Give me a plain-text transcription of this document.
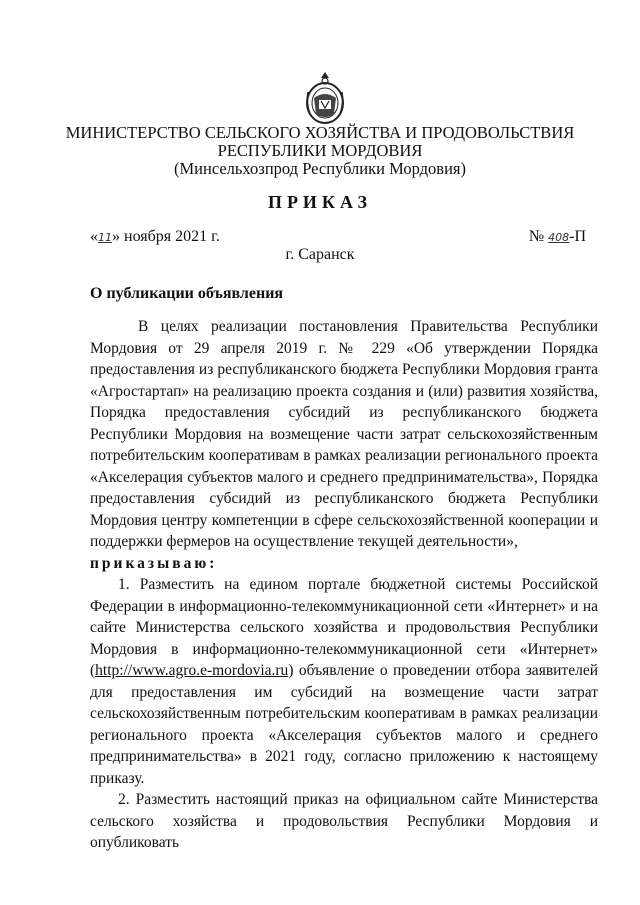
МИНИСТЕРСТВО СЕЛЬСКОГО ХОЗЯЙСТВА И ПРОДОВОЛЬСТВИЯ
РЕСПУБЛИКИ МОРДОВИЯ
(Минсельхозпрод Республики Мордовия)
ПРИКАЗ
«11» ноября 2021 г.	№ 408-П
г. Саранск
О публикации объявления

В целях реализации постановления Правительства Республики Мордовия от 29 апреля 2019 г. № 229 «Об утверждении Порядка предоставления из республиканского бюджета Республики Мордовия гранта «Агростартап» на реализацию проекта создания и (или) развития хозяйства, Порядка предоставления субсидий из республиканского бюджета Республики Мордовия на возмещение части затрат сельскохозяйственным потребительским кооперативам в рамках реализации регионального проекта «Акселерация субъектов малого и среднего предпринимательства», Порядка предоставления субсидий из республиканского бюджета Республики Мордовия центру компетенции в сфере сельскохозяйственной кооперации и поддержки фермеров на осуществление текущей деятельности»,
приказываю:

1. Разместить на едином портале бюджетной системы Российской Федерации в информационно-телекоммуникационной сети «Интернет» и на сайте Министерства сельского хозяйства и продовольствия Республики Мордовия в информационно-телекоммуникационной сети «Интернет» (http://www.agro.e-mordovia.ru) объявление о проведении отбора заявителей для предоставления им субсидий на возмещение части затрат сельскохозяйственным потребительским кооперативам в рамках реализации регионального проекта «Акселерация субъектов малого и среднего предпринимательства» в 2021 году, согласно приложению к настоящему приказу.

2. Разместить настоящий приказ на официальном сайте Министерства сельского хозяйства и продовольствия Республики Мордовия и опубликовать
